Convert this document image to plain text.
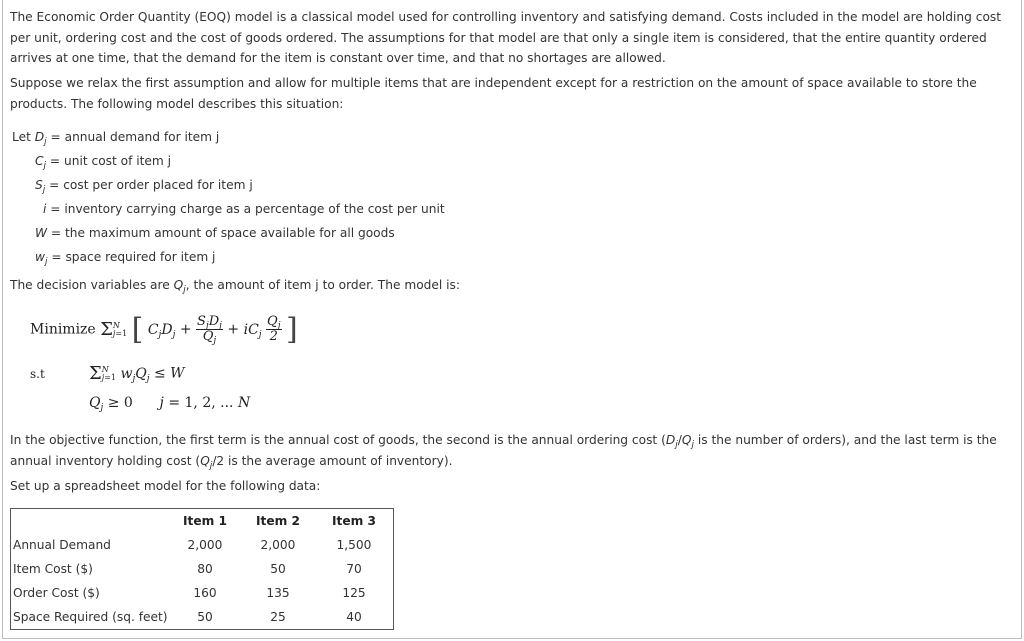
The Economic Order Quantity (EOQ) model is a classical model used for controlling inventory and satisfying demand. Costs included in the model are holding cost per unit, ordering cost and the cost of goods ordered. The assumptions for that model are that only a single item is considered, that the entire quantity ordered arrives at one time, that the demand for the item is constant over time, and that no shortages are allowed.

Suppose we relax the first assumption and allow for multiple items that are independent except for a restriction on the amount of space available to store the products. The following model describes this situation:

Let $D_j$ = annual demand for item j
$C_j$ = unit cost of item j
$S_j = \cos t$ per order placed for item j
i = inventory carrying charge as a percentage of the cost per unit
W = the maximum amount of space available for all goods
$w_j$ = space required for item j

The decision variables are $Q_j$, the amount of item j to order. The model is:

Minimize ΣN
j=1 [ $C_jD_j + \frac{S_jD_j}{Q_j} + iC_j \frac{Q_j}{2}$ ]
s.t ΣN
j=1 $w_jQ_j \le W$
$Q_j \ge 0$      j = 1, 2, ... N

In the objective function, the first term is the annual cost of goods, the second is the annual ordering cost ($D_j/Q_j$ is the number of orders), and the last term is the annual inventory holding cost ($Q_j/2$ is the average amount of inventory).

Set up a spreadsheet model for the following data:

	Item 1	Item 2	Item 3
Annual Demand	2,000	2,000	1,500
Item Cost ($)	80	50	70
Order Cost ($)	160	135	125
Space Required (sq. feet)	50	25	40
